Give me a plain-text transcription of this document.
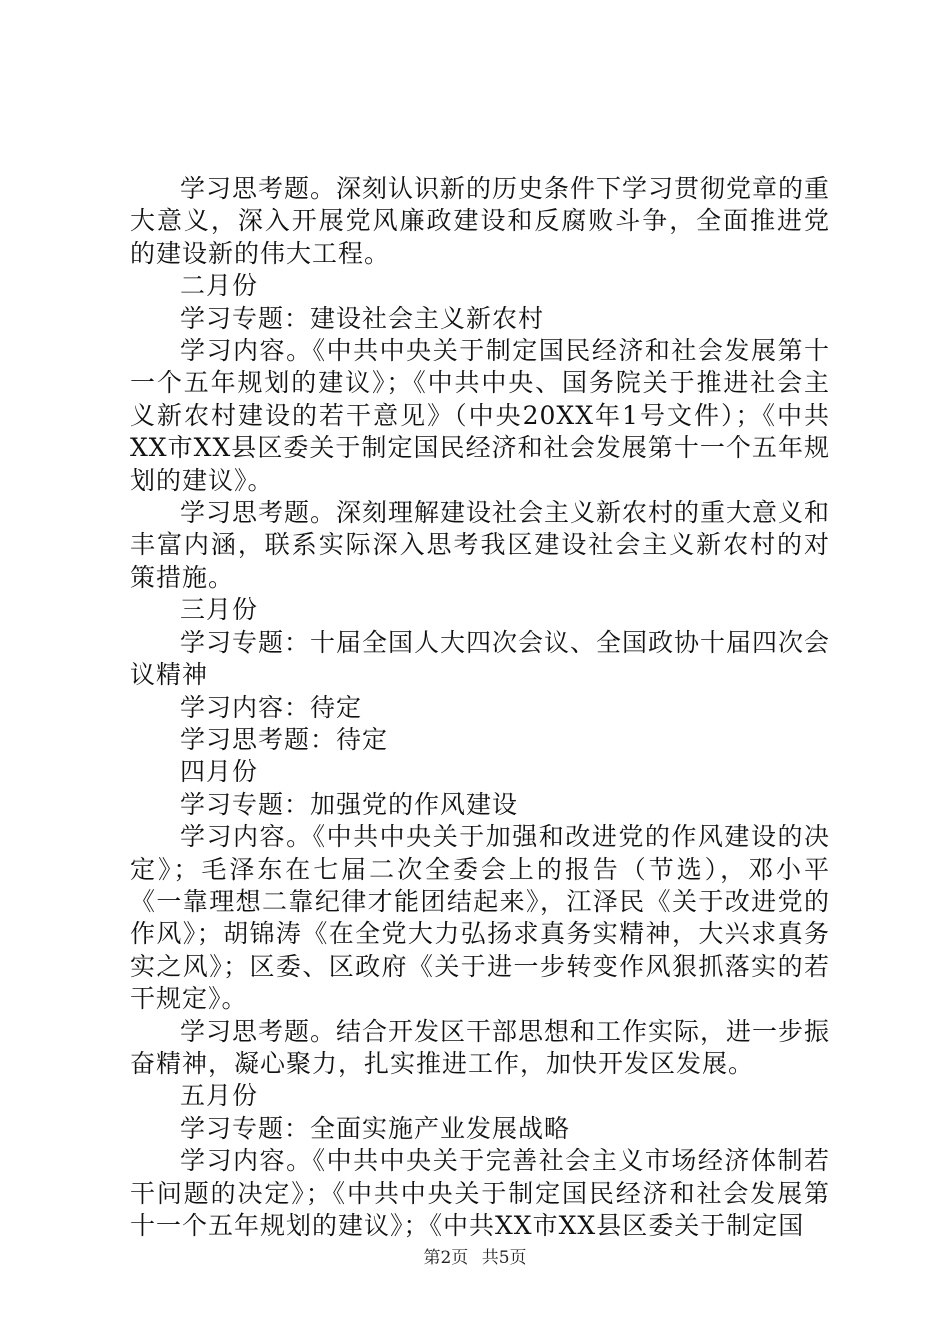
学习思考题。深刻认识新的历史条件下学习贯彻党章的重大意义，深入开展党风廉政建设和反腐败斗争，全面推进党的建设新的伟大工程。

二月份

学习专题：建设社会主义新农村

学习内容。《中共中央关于制定国民经济和社会发展第十一个五年规划的建议》；《中共中央、国务院关于推进社会主义新农村建设的若干意见》（中央20XX年1号文件）；《中共XX市XX县区委关于制定国民经济和社会发展第十一个五年规划的建议》。

学习思考题。深刻理解建设社会主义新农村的重大意义和丰富内涵，联系实际深入思考我区建设社会主义新农村的对策措施。

三月份

学习专题：十届全国人大四次会议、全国政协十届四次会议精神

学习内容：待定

学习思考题：待定

四月份

学习专题：加强党的作风建设

学习内容。《中共中央关于加强和改进党的作风建设的决定》；毛泽东在七届二次全委会上的报告（节选），邓小平《一靠理想二靠纪律才能团结起来》，江泽民《关于改进党的作风》；胡锦涛《在全党大力弘扬求真务实精神，大兴求真务实之风》；区委、区政府《关于进一步转变作风狠抓落实的若干规定》。

学习思考题。结合开发区干部思想和工作实际，进一步振奋精神，凝心聚力，扎实推进工作，加快开发区发展。

五月份

学习专题：全面实施产业发展战略

学习内容。《中共中央关于完善社会主义市场经济体制若干问题的决定》；《中共中央关于制定国民经济和社会发展第十一个五年规划的建议》；《中共XX市XX县区委关于制定国

第2页 共5页
